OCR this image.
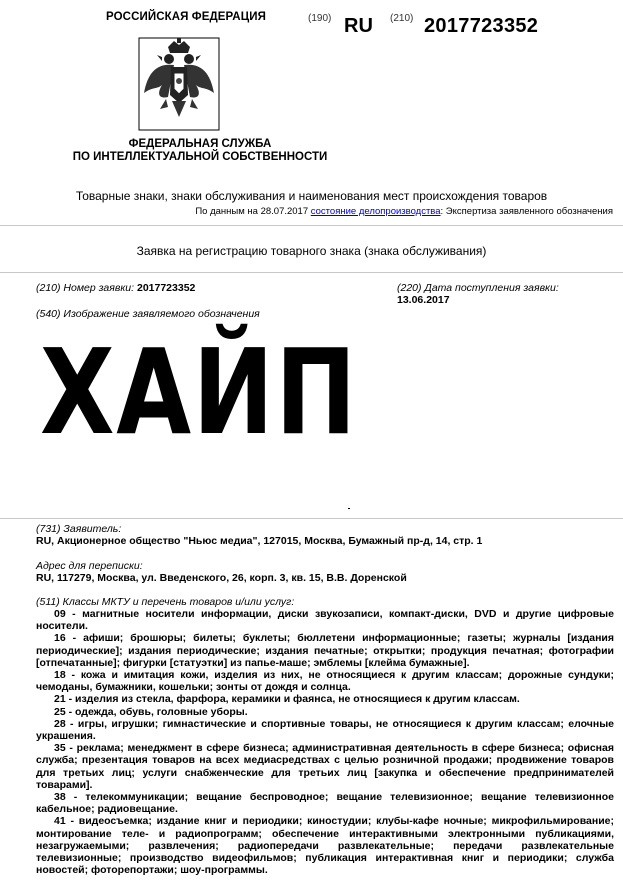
РОССИЙСКАЯ ФЕДЕРАЦИЯ	(190) RU (210) 2017723352
ФЕДЕРАЛЬНАЯ СЛУЖБА
ПО ИНТЕЛЛЕКТУАЛЬНОЙ СОБСТВЕННОСТИ
Товарные знаки, знаки обслуживания и наименования мест происхождения товаров
По данным на 28.07.2017 состояние делопроизводства: Экспертиза заявленного обозначения
Заявка на регистрацию товарного знака (знака обслуживания)
(210) Номер заявки: 2017723352	(220) Дата поступления заявки:
13.06.2017
(540) Изображение заявляемого обозначения
ХАЙП
(731) Заявитель:
RU, Акционерное общество "Ньюс медиа", 127015, Москва, Бумажный пр-д, 14, стр. 1
Адрес для переписки:
RU, 117279, Москва, ул. Введенского, 26, корп. 3, кв. 15, В.В. Доренской
(511) Классы МКТУ и перечень товаров и/или услуг:

09 - магнитные носители информации, диски звукозаписи, компакт-диски, DVD и другие цифровые носители.

16 - афиши; брошюры; билеты; буклеты; бюллетени информационные; газеты; журналы [издания периодические]; издания периодические; издания печатные; открытки; продукция печатная; фотографии [отпечатанные]; фигурки [статуэтки] из папье-маше; эмблемы [клейма бумажные].

18 - кожа и имитация кожи, изделия из них, не относящиеся к другим классам; дорожные сундуки; чемоданы, бумажники, кошельки; зонты от дождя и солнца.

21 - изделия из стекла, фарфора, керамики и фаянса, не относящиеся к другим классам.

25 - одежда, обувь, головные уборы.

28 - игры, игрушки; гимнастические и спортивные товары, не относящиеся к другим классам; елочные украшения.

35 - реклама; менеджмент в сфере бизнеса; административная деятельность в сфере бизнеса; офисная служба; презентация товаров на всех медиасредствах с целью розничной продажи; продвижение товаров для третьих лиц; услуги снабженческие для третьих лиц [закупка и обеспечение предпринимателей товарами].

38 - телекоммуникации; вещание беспроводное; вещание телевизионное; вещание телевизионное кабельное; радиовещание.

41 - видеосъемка; издание книг и периодики; киностудии; клубы-кафе ночные; микрофильмирование; монтирование теле- и радиопрограмм; обеспечение интерактивными электронными публикациями, незагружаемыми; развлечения; радиопередачи развлекательные; передачи развлекательные телевизионные; производство видеофильмов; публикация интерактивная книг и периодики; служба новостей; фоторепортажи; шоу-программы.
